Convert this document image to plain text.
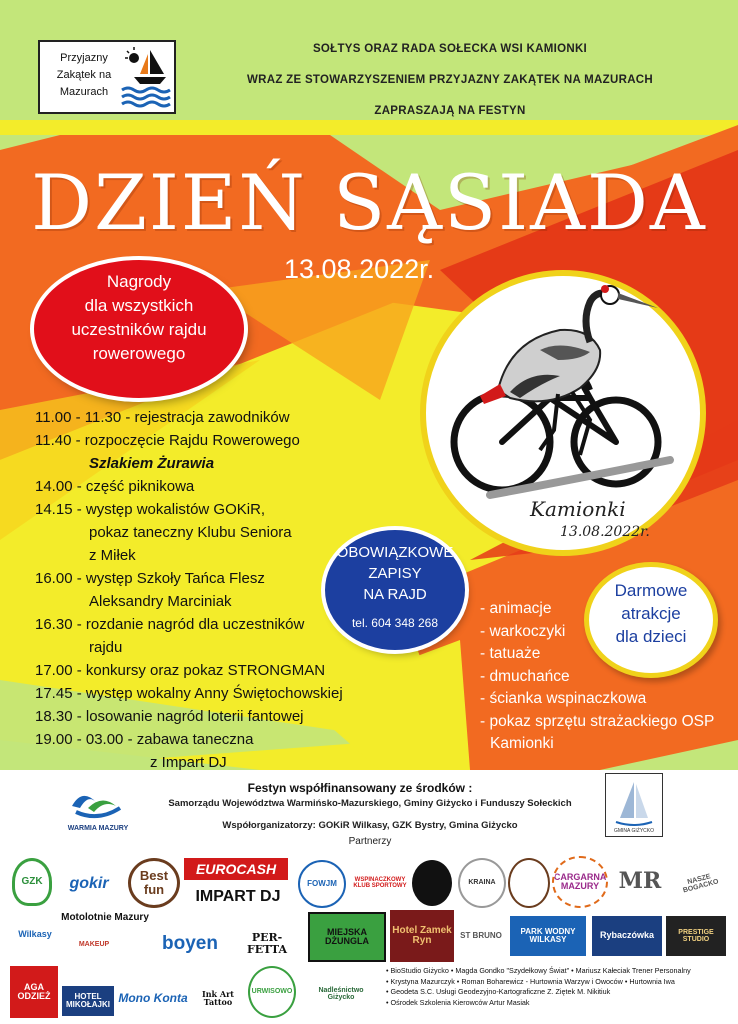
Przyjazny
Zakątek na
Mazurach
SOŁTYS ORAZ RADA SOŁECKA WSI KAMIONKI
WRAZ ZE STOWARZYSZENIEM PRZYJAZNY ZAKĄTEK NA MAZURACH
ZAPRASZAJĄ NA FESTYN
DZIEŃ SĄSIADA
13.08.2022r.
Nagrody
dla wszystkich
uczestników rajdu
rowerowego
Kamionki
13.08.2022r.
11.00 - 11.30 - rejestracja zawodników
11.40 - rozpoczęcie Rajdu Rowerowego
Szlakiem Żurawia
14.00 - część piknikowa
14.15 - występ wokalistów GOKiR,
pokaz taneczny Klubu Seniora
z Miłek
16.00 - występ Szkoły Tańca Flesz
Aleksandry Marciniak
16.30 - rozdanie nagród dla uczestników
rajdu
17.00 - konkursy oraz pokaz STRONGMAN
17.45 - występ wokalny Anny Świętochowskiej
18.30 - losowanie nagród loterii fantowej
19.00 - 03.00 - zabawa taneczna
z Impart DJ
OBOWIĄZKOWE
ZAPISY
NA RAJD
tel. 604 348 268
Darmowe
atrakcje
dla dzieci
- animacje
- warkoczyki
- tatuaże
- dmuchańce
- ścianka wspinaczkowa
- pokaz sprzętu strażackiego OSP Kamionki
WARMIA MAZURY
Festyn współfinansowany ze środków :
Samorządu Województwa Warmińsko-Mazurskiego, Gminy Giżycko i Funduszy Sołeckich
Współorganizatorzy: GOKiR Wilkasy, GZK Bystry, Gmina Giżycko
Partnerzy
GMINA GIŻYCKO
GZK	gokir	Best fun
EUROCASH
IMPART DJ
FOWJM	WSPINACZKOWY KLUB SPORTOWY	KRAINA
CARGARNA MAZURY MR	NASZE BOGACKO
Wilkasy
Motolotnie Mazury
MAKEUP	boyen	PER-FETTA
MIEJSKA DŻUNGLA
Hotel Zamek Ryn	ST BRUNO	PARK WODNY WILKASY	Rybaczówka	PRESTIGE STUDIO
AGA ODZIEŻ	HOTEL MIKOŁAJKI Mono Konta	Ink Art Tattoo
URWISOWO	Nadleśnictwo Giżycko
• BioStudio Giżycko • Magda Gondko "Szydełkowy Świat" • Mariusz Kałeciak Trener Personalny
• Krystyna Mazurczyk • Roman Boharewicz - Hurtownia Warzyw i Owoców • Hurtownia Iwa
• Geodeta S.C. Usługi Geodezyjno-Kartograficzne Z. Ziętek M. Nikitiuk
• Ośrodek Szkolenia Kierowców Artur Masiak
